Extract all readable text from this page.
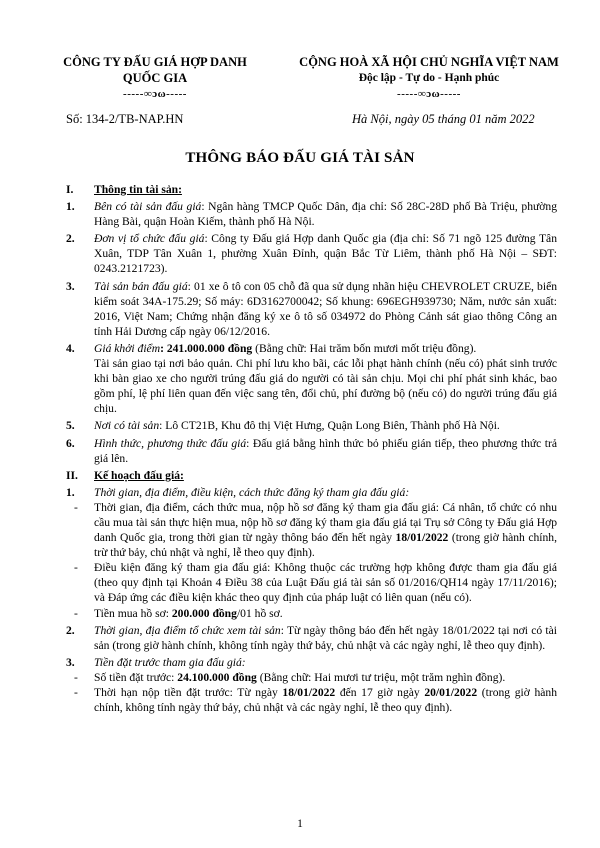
CÔNG TY ĐẤU GIÁ HỢP DANH
QUỐC GIA
-----∞ɔω-----
CỘNG HOÀ XÃ HỘI CHỦ NGHĨA VIỆT NAM
Độc lập - Tự do - Hạnh phúc
-----∞ɔω-----
Số: 134-2/TB-NAP.HN	Hà Nội, ngày 05 tháng 01 năm 2022
THÔNG BÁO ĐẤU GIÁ TÀI SẢN
I. Thông tin tài sản:
1. Bên có tài sản đấu giá: Ngân hàng TMCP Quốc Dân, địa chỉ: Số 28C-28D phố Bà Triệu, phường Hàng Bài, quận Hoàn Kiếm, thành phố Hà Nội.
2. Đơn vị tổ chức đấu giá: Công ty Đấu giá Hợp danh Quốc gia (địa chỉ: Số 71 ngõ 125 đường Tân Xuân, TDP Tân Xuân 1, phường Xuân Đỉnh, quận Bắc Từ Liêm, thành phố Hà Nội – SĐT: 0243.2121723).
3. Tài sản bán đấu giá: 01 xe ô tô con 05 chỗ đã qua sử dụng nhãn hiệu CHEVROLET CRUZE, biển kiểm soát 34A-175.29; Số máy: 6D3162700042; Số khung: 696EGH939730; Năm, nước sản xuất: 2016, Việt Nam; Chứng nhận đăng ký xe ô tô số 034972 do Phòng Cảnh sát giao thông Công an tỉnh Hải Dương cấp ngày 06/12/2016.
4. Giá khởi điểm: 241.000.000 đồng (Bằng chữ: Hai trăm bốn mươi mốt triệu đồng).
Tài sản giao tại nơi bảo quản. Chi phí lưu kho bãi, các lỗi phạt hành chính (nếu có) phát sinh trước khi bàn giao xe cho người trúng đấu giá do người có tài sản chịu. Mọi chi phí phát sinh khác, bao gồm phí, lệ phí liên quan đến việc sang tên, đổi chủ, phí đường bộ (nếu có) do người trúng đấu giá chịu.
5. Nơi có tài sản: Lô CT21B, Khu đô thị Việt Hưng, Quận Long Biên, Thành phố Hà Nội.
6. Hình thức, phương thức đấu giá: Đấu giá bằng hình thức bỏ phiếu gián tiếp, theo phương thức trả giá lên.
II. Kế hoạch đấu giá:
1. Thời gian, địa điểm, điều kiện, cách thức đăng ký tham gia đấu giá:
- Thời gian, địa điểm, cách thức mua, nộp hồ sơ đăng ký tham gia đấu giá: Cá nhân, tổ chức có nhu cầu mua tài sản thực hiện mua, nộp hồ sơ đăng ký tham gia đấu giá tại Trụ sở Công ty Đấu giá Hợp danh Quốc gia, trong thời gian từ ngày thông báo đến hết ngày 18/01/2022 (trong giờ hành chính, trừ thứ bảy, chủ nhật và nghỉ, lễ theo quy định).
- Điều kiện đăng ký tham gia đấu giá: Không thuộc các trường hợp không được tham gia đấu giá (theo quy định tại Khoản 4 Điều 38 của Luật Đấu giá tài sản số 01/2016/QH14 ngày 17/11/2016); và Đáp ứng các điều kiện khác theo quy định của pháp luật có liên quan (nếu có).
- Tiền mua hồ sơ: 200.000 đồng/01 hồ sơ.
2. Thời gian, địa điểm tổ chức xem tài sản: Từ ngày thông báo đến hết ngày 18/01/2022 tại nơi có tài sản (trong giờ hành chính, không tính ngày thứ bảy, chủ nhật và các ngày nghỉ, lễ theo quy định).
3. Tiền đặt trước tham gia đấu giá:
- Số tiền đặt trước: 24.100.000 đồng (Bằng chữ: Hai mươi tư triệu, một trăm nghìn đồng).
- Thời hạn nộp tiền đặt trước: Từ ngày 18/01/2022 đến 17 giờ ngày 20/01/2022 (trong giờ hành chính, không tính ngày thứ bảy, chủ nhật và các ngày nghỉ, lễ theo quy định).
1
